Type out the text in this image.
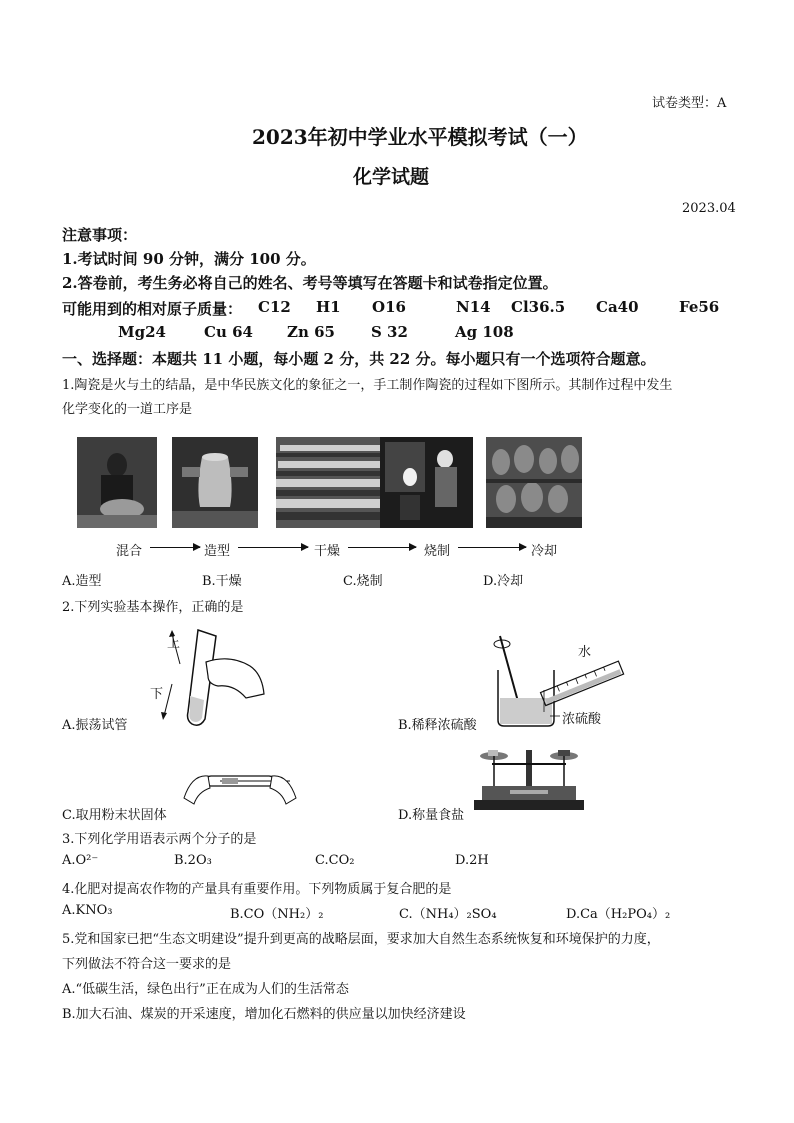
试卷类型：A
2023年初中学业水平模拟考试（一）
化学试题
2023.04
注意事项：
1.考试时间 90 分钟，满分 100 分。
2.答卷前，考生务必将自己的姓名、考号等填写在答题卡和试卷指定位置。
可能用到的相对原子质量： C12 H1 O16	N14 Cl36.5 Ca40	Fe56
Mg24	Cu 64 Zn 65 S 32	Ag 108
一、选择题：本题共 11 小题，每小题 2 分，共 22 分。每小题只有一个选项符合题意。
1.陶瓷是火与土的结晶，是中华民族文化的象征之一，手工制作陶瓷的过程如下图所示。其制作过程中发生
化学变化的一道工序是
混合	造型	干燥	烧制	冷却
A.造型	B.干燥	C.烧制	D.冷却
2.下列实验基本操作，正确的是
上
下
水
浓硫酸
A.振荡试管	B.稀释浓硫酸
C.取用粉末状固体	D.称量食盐
3.下列化学用语表示两个分子的是
A.O²⁻	B.2O₃	C.CO₂	D.2H
4.化肥对提高农作物的产量具有重要作用。下列物质属于复合肥的是
A.KNO₃	B.CO（NH₂）₂	C.（NH₄）₂SO₄	D.Ca（H₂PO₄）₂
5.党和国家已把“生态文明建设”提升到更高的战略层面，要求加大自然生态系统恢复和环境保护的力度，
下列做法不符合这一要求的是
A.“低碳生活，绿色出行”正在成为人们的生活常态
B.加大石油、煤炭的开采速度，增加化石燃料的供应量以加快经济建设
